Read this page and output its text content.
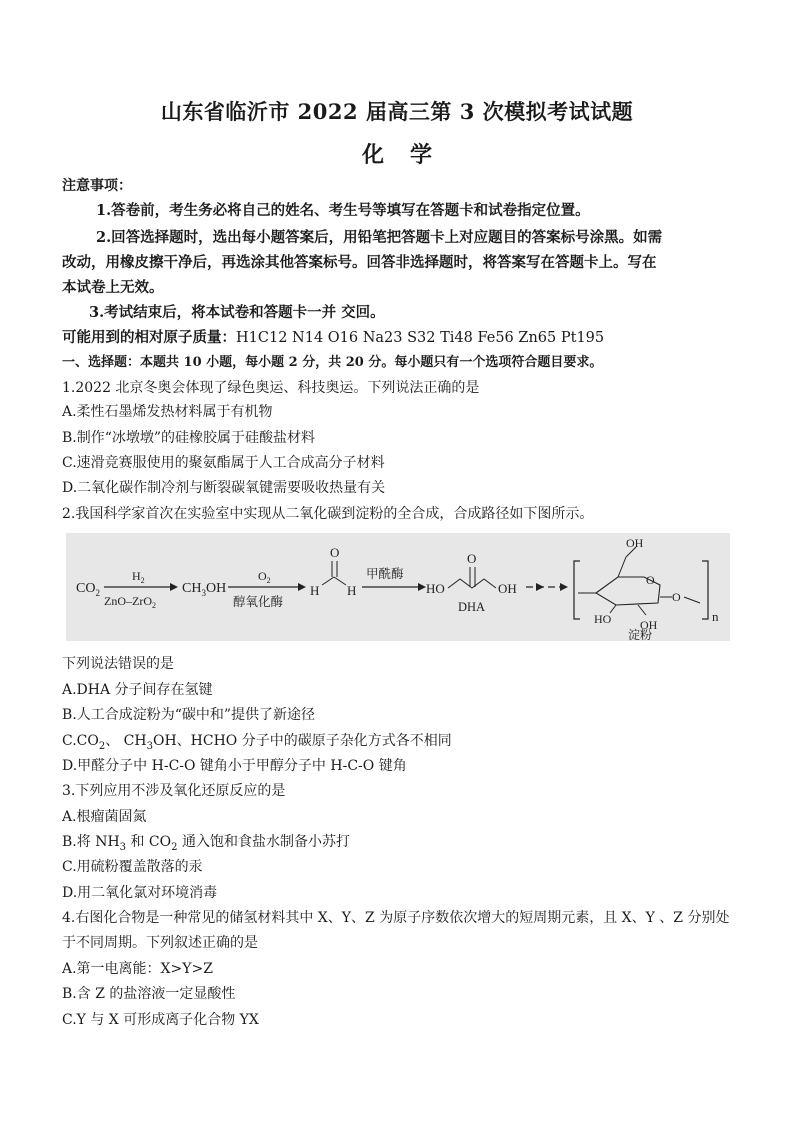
山东省临沂市 2022 届高三第 3 次模拟考试试题
化学
注意事项：
1.答卷前，考生务必将自己的姓名、考生号等填写在答题卡和试卷指定位置。
2.回答选择题时，选出每小题答案后，用铅笔把答题卡上对应题目的答案标号涂黑。如需
改动，用橡皮擦干净后，再选涂其他答案标号。回答非选择题时，将答案写在答题卡上。写在
本试卷上无效。
3.考试结束后，将本试卷和答题卡一并 交回。
可能用到的相对原子质量：H1C12 N14 O16 Na23 S32 Ti48 Fe56 Zn65 Pt195
一、选择题：本题共 10 小题，每小题 2 分，共 20 分。每小题只有一个选项符合题目要求。
1.2022 北京冬奥会体现了绿色奥运、科技奥运。下列说法正确的是
A.柔性石墨烯发热材料属于有机物
B.制作“冰墩墩”的硅橡胶属于硅酸盐材料
C.速滑竞赛服使用的聚氨酯属于人工合成高分子材料
D.二氧化碳作制冷剂与断裂碳氧键需要吸收热量有关
2.我国科学家首次在实验室中实现从二氧化碳到淀粉的全合成，合成路径如下图所示。
$CO_2$
$H_2$
ZnO–ZrO$_2$
$CH_3OH$
$O_2$
醇氧化酶
O
H H
甲酰酶
HO
O
OH
DHA
n
OH
O
HO OH
O
淀粉
下列说法错误的是
A.DHA 分子间存在氢键
B.人工合成淀粉为“碳中和”提供了新途径
$C.CO_2$、 $CH_3OH$、HCHO 分子中的碳原子杂化方式各不相同
D.甲醛分子中 H-C-O 键角小于甲醇分子中 H-C-O 键角
3.下列应用不涉及氧化还原反应的是
A.根瘤菌固氮
B.将 $NH_3$ 和 $CO_2$ 通入饱和食盐水制备小苏打
C.用硫粉覆盖散落的汞
D.用二氧化氯对环境消毒
4.右图化合物是一种常见的储氢材料其中 X、Y、Z 为原子序数依次增大的短周期元素，且 X、Y 、Z 分别处
于不同周期。下列叙述正确的是
A.第一电离能：X>Y>Z
B.含 Z 的盐溶液一定显酸性
C.Y 与 X 可形成离子化合物 YX
